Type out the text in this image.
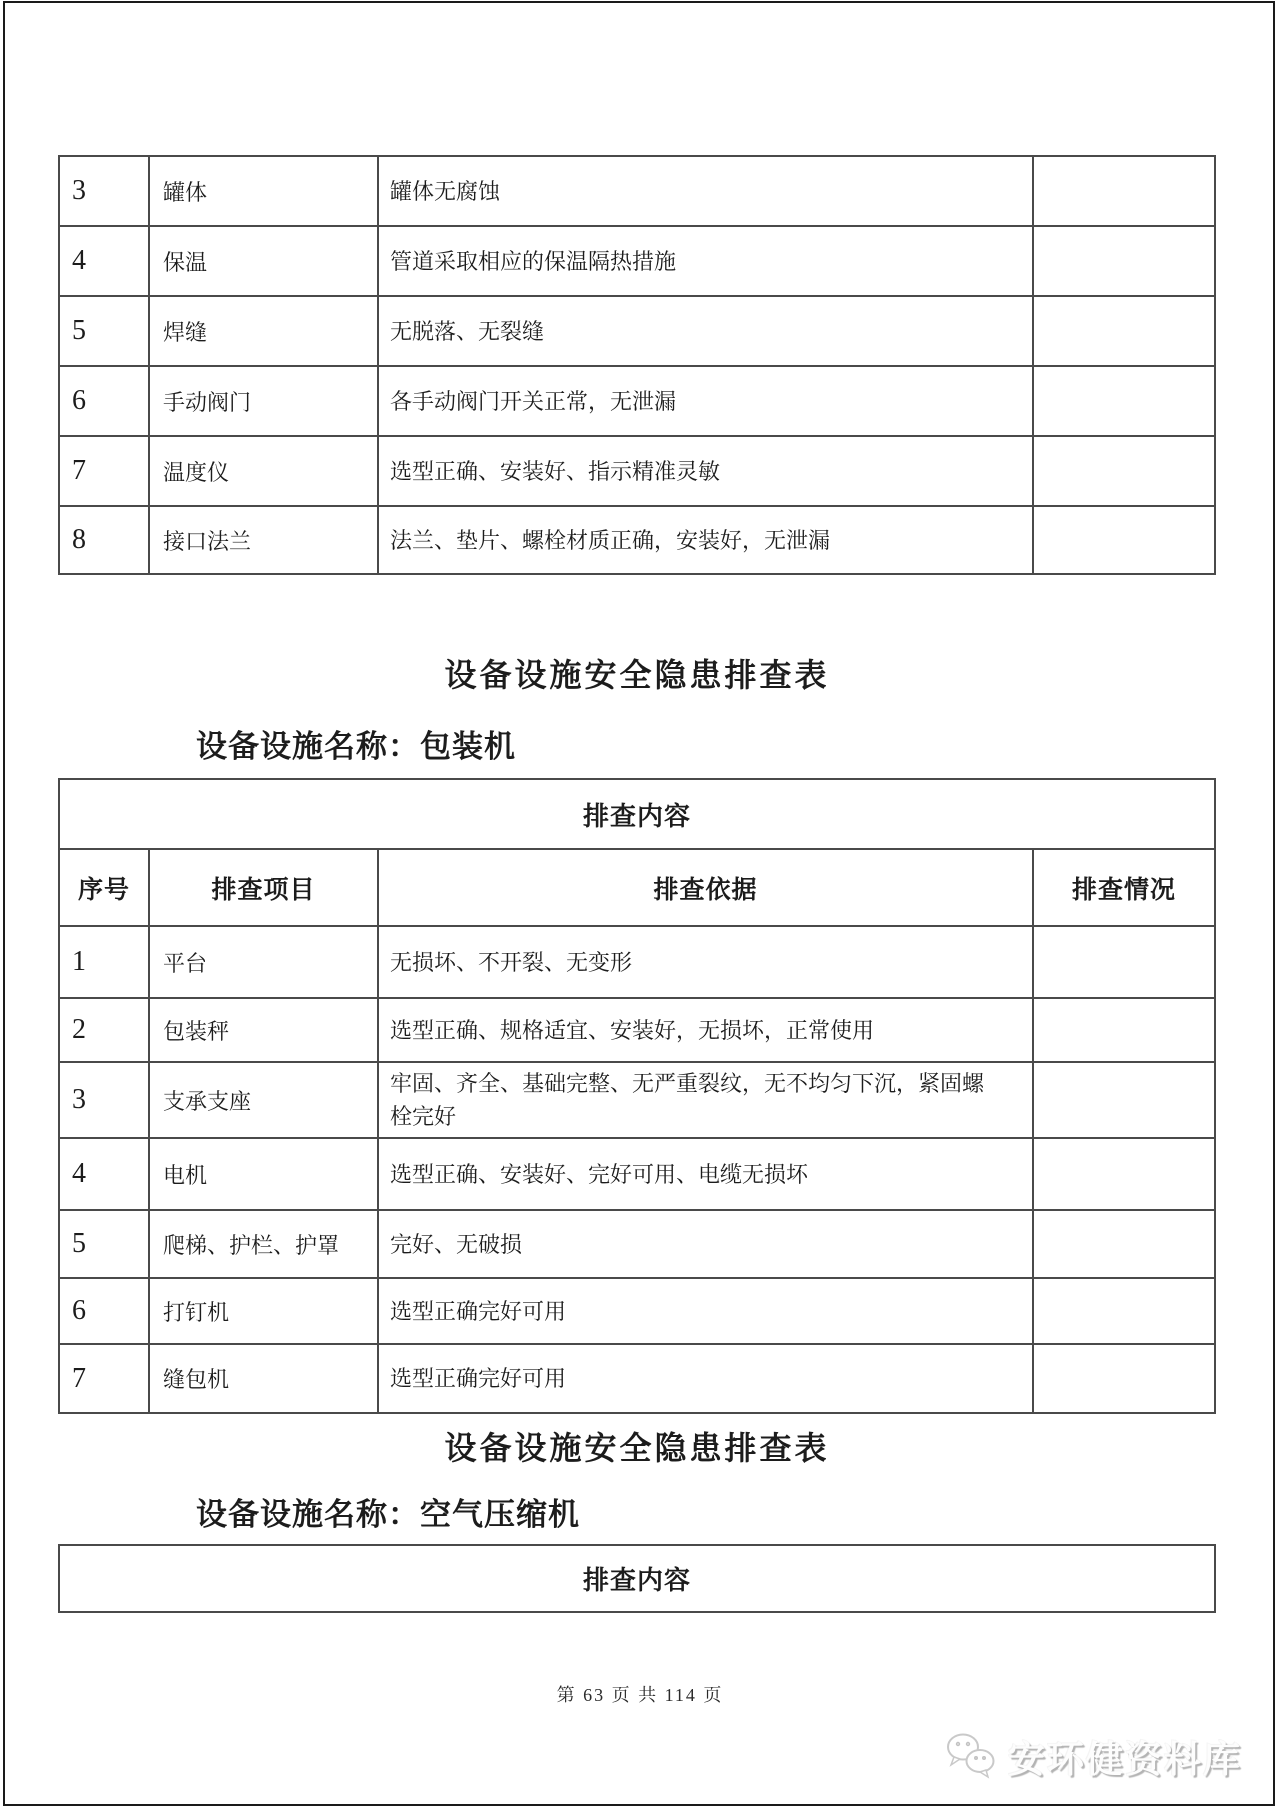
3	罐体	罐体无腐蚀	
4	保温	管道采取相应的保温隔热措施	
5	焊缝	无脱落、无裂缝	
6	手动阀门	各手动阀门开关正常，无泄漏	
7	温度仪	选型正确、安装好、指示精准灵敏	
8	接口法兰	法兰、垫片、螺栓材质正确，安装好，无泄漏	
设备设施安全隐患排查表
设备设施名称：包装机
排查内容			
序号	排查项目	排查依据	排查情况
1	平台	无损坏、不开裂、无变形	
2	包装秤	选型正确、规格适宜、安装好，无损坏，正常使用	
3	支承支座	牢固、齐全、基础完整、无严重裂纹，无不均匀下沉，紧固螺栓完好	
4	电机	选型正确、安装好、完好可用、电缆无损坏	
5	爬梯、护栏、护罩	完好、无破损	
6	打钉机	选型正确完好可用	
7	缝包机	选型正确完好可用	
设备设施安全隐患排查表
设备设施名称：空气压缩机
排查内容
第 63 页 共 114 页
安环健资料库
